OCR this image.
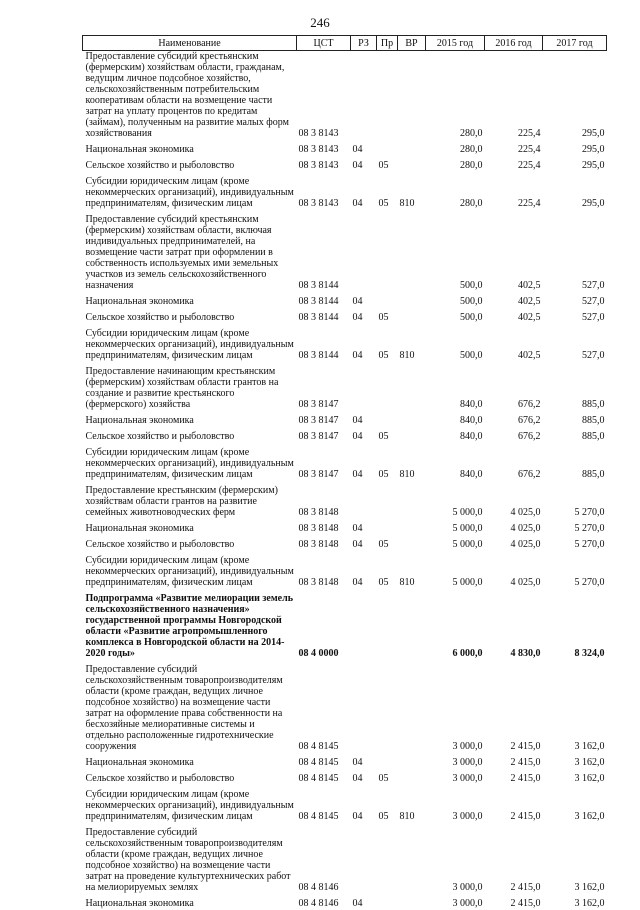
246
Наименование	ЦСТ	РЗ	Пр	ВР	2015 год	2016 год	2017 год
Предоставление субсидий крестьянским (фермерским) хозяйствам области, гражданам, ведущим личное подсобное хозяйство, сельскохозяйственным потребительским кооперативам области на возмещение части затрат на уплату процентов по кредитам (займам), полученным на развитие малых форм хозяйствования	08 3 8143				280,0	225,4	295,0
Национальная экономика	08 3 8143	04			280,0	225,4	295,0
Сельское хозяйство и рыболовство	08 3 8143	04	05		280,0	225,4	295,0
Субсидии юридическим лицам (кроме некоммерческих организаций), индивидуальным предпринимателям, физическим лицам	08 3 8143	04	05	810	280,0	225,4	295,0
Предоставление субсидий крестьянским (фермерским) хозяйствам области, включая индивидуальных предпринимателей, на возмещение части затрат при оформлении в собственность используемых ими земельных участков из земель сельскохозяйственного назначения	08 3 8144				500,0	402,5	527,0
Национальная экономика	08 3 8144	04			500,0	402,5	527,0
Сельское хозяйство и рыболовство	08 3 8144	04	05		500,0	402,5	527,0
Субсидии юридическим лицам (кроме некоммерческих организаций), индивидуальным предпринимателям, физическим лицам	08 3 8144	04	05	810	500,0	402,5	527,0
Предоставление начинающим крестьянским (фермерским) хозяйствам области грантов на создание и развитие крестьянского (фермерского) хозяйства	08 3 8147				840,0	676,2	885,0
Национальная экономика	08 3 8147	04			840,0	676,2	885,0
Сельское хозяйство и рыболовство	08 3 8147	04	05		840,0	676,2	885,0
Субсидии юридическим лицам (кроме некоммерческих организаций), индивидуальным предпринимателям, физическим лицам	08 3 8147	04	05	810	840,0	676,2	885,0
Предоставление крестьянским (фермерским) хозяйствам области грантов на развитие семейных животноводческих ферм	08 3 8148				5 000,0	4 025,0	5 270,0
Национальная экономика	08 3 8148	04			5 000,0	4 025,0	5 270,0
Сельское хозяйство и рыболовство	08 3 8148	04	05		5 000,0	4 025,0	5 270,0
Субсидии юридическим лицам (кроме некоммерческих организаций), индивидуальным предпринимателям, физическим лицам	08 3 8148	04	05	810	5 000,0	4 025,0	5 270,0
Подпрограмма «Развитие мелиорации земель сельскохозяйственного назначения» государственной программы Новгородской области «Развитие агропромышленного комплекса в Новгородской области на 2014-2020 годы»	08 4 0000				6 000,0	4 830,0	8 324,0
Предоставление субсидий сельскохозяйственным товаропроизводителям области (кроме граждан, ведущих личное подсобное хозяйство) на возмещение части затрат на оформление права собственности на бесхозяйные мелиоративные системы и отдельно расположенные гидротехнические сооружения	08 4 8145				3 000,0	2 415,0	3 162,0
Национальная экономика	08 4 8145	04			3 000,0	2 415,0	3 162,0
Сельское хозяйство и рыболовство	08 4 8145	04	05		3 000,0	2 415,0	3 162,0
Субсидии юридическим лицам (кроме некоммерческих организаций), индивидуальным предпринимателям, физическим лицам	08 4 8145	04	05	810	3 000,0	2 415,0	3 162,0
Предоставление субсидий сельскохозяйственным товаропроизводителям области (кроме граждан, ведущих личное подсобное хозяйство) на возмещение части затрат на проведение культуртехнических работ на мелиорируемых землях	08 4 8146				3 000,0	2 415,0	3 162,0
Национальная экономика	08 4 8146	04			3 000,0	2 415,0	3 162,0
